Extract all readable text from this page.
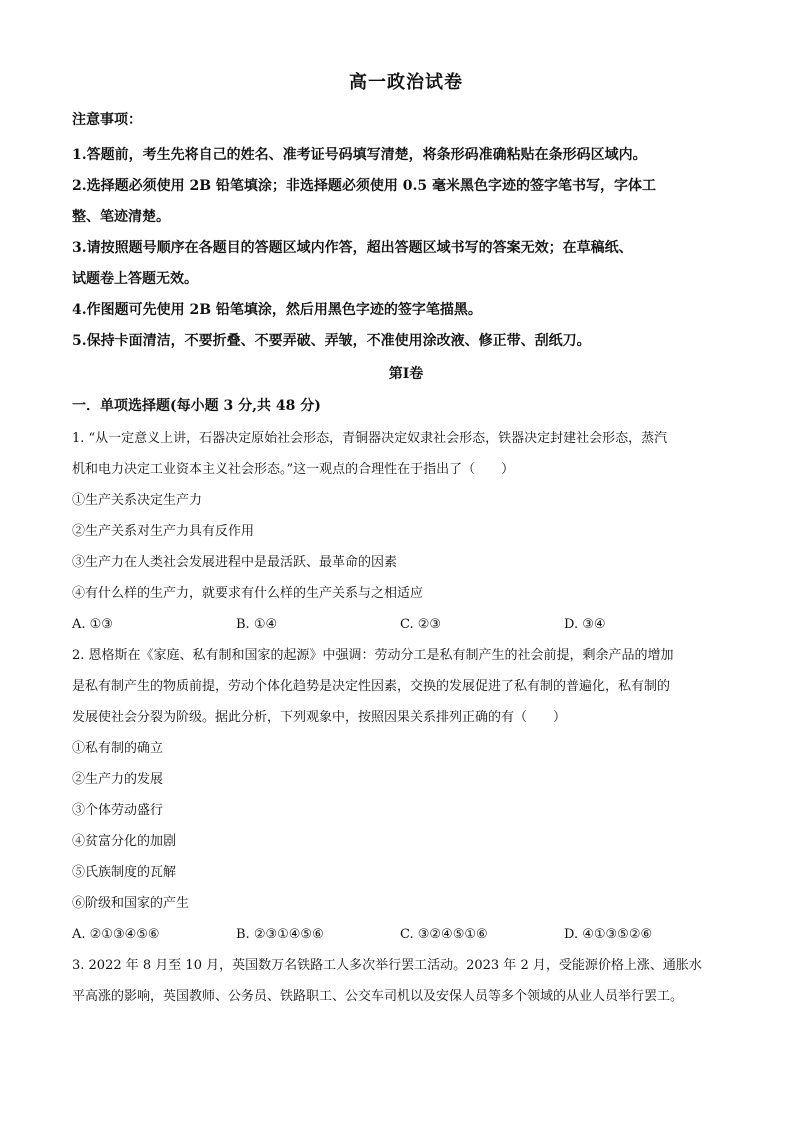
高一政治试卷

注意事项：

1.答题前，考生先将自己的姓名、准考证号码填写清楚，将条形码准确粘贴在条形码区域内。

2.选择题必须使用 2B 铅笔填涂；非选择题必须使用 0.5 毫米黑色字迹的签字笔书写，字体工

整、笔迹清楚。

3.请按照题号顺序在各题目的答题区域内作答，超出答题区域书写的答案无效；在草稿纸、

试题卷上答题无效。

4.作图题可先使用 2B 铅笔填涂，然后用黑色字迹的签字笔描黑。

5.保持卡面清洁，不要折叠、不要弄破、弄皱，不准使用涂改液、修正带、刮纸刀。

第Ⅰ卷
一．单项选择题(每小题 3 分,共 48 分)

1. “从一定意义上讲，石器决定原始社会形态，青铜器决定奴隶社会形态，铁器决定封建社会形态，蒸汽

机和电力决定工业资本主义社会形态。”这一观点的合理性在于指出了（　　）

①生产关系决定生产力

②生产关系对生产力具有反作用

③生产力在人类社会发展进程中是最活跃、最革命的因素

④有什么样的生产力，就要求有什么样的生产关系与之相适应

A. ①③	B. ①④	C. ②③	D. ③④

2. 恩格斯在《家庭、私有制和国家的起源》中强调：劳动分工是私有制产生的社会前提，剩余产品的增加

是私有制产生的物质前提，劳动个体化趋势是决定性因素，交换的发展促进了私有制的普遍化，私有制的

发展使社会分裂为阶级。据此分析，下列观象中，按照因果关系排列正确的有（　　）

①私有制的确立

②生产力的发展

③个体劳动盛行

④贫富分化的加剧

⑤氏族制度的瓦解

⑥阶级和国家的产生

A. ②①③④⑤⑥	B. ②③①④⑤⑥	C. ③②④⑤①⑥	D. ④①③⑤②⑥

3. 2022 年 8 月至 10 月，英国数万名铁路工人多次举行罢工活动。2023 年 2 月，受能源价格上涨、通胀水

平高涨的影响，英国教师、公务员、铁路职工、公交车司机以及安保人员等多个领域的从业人员举行罢工。
